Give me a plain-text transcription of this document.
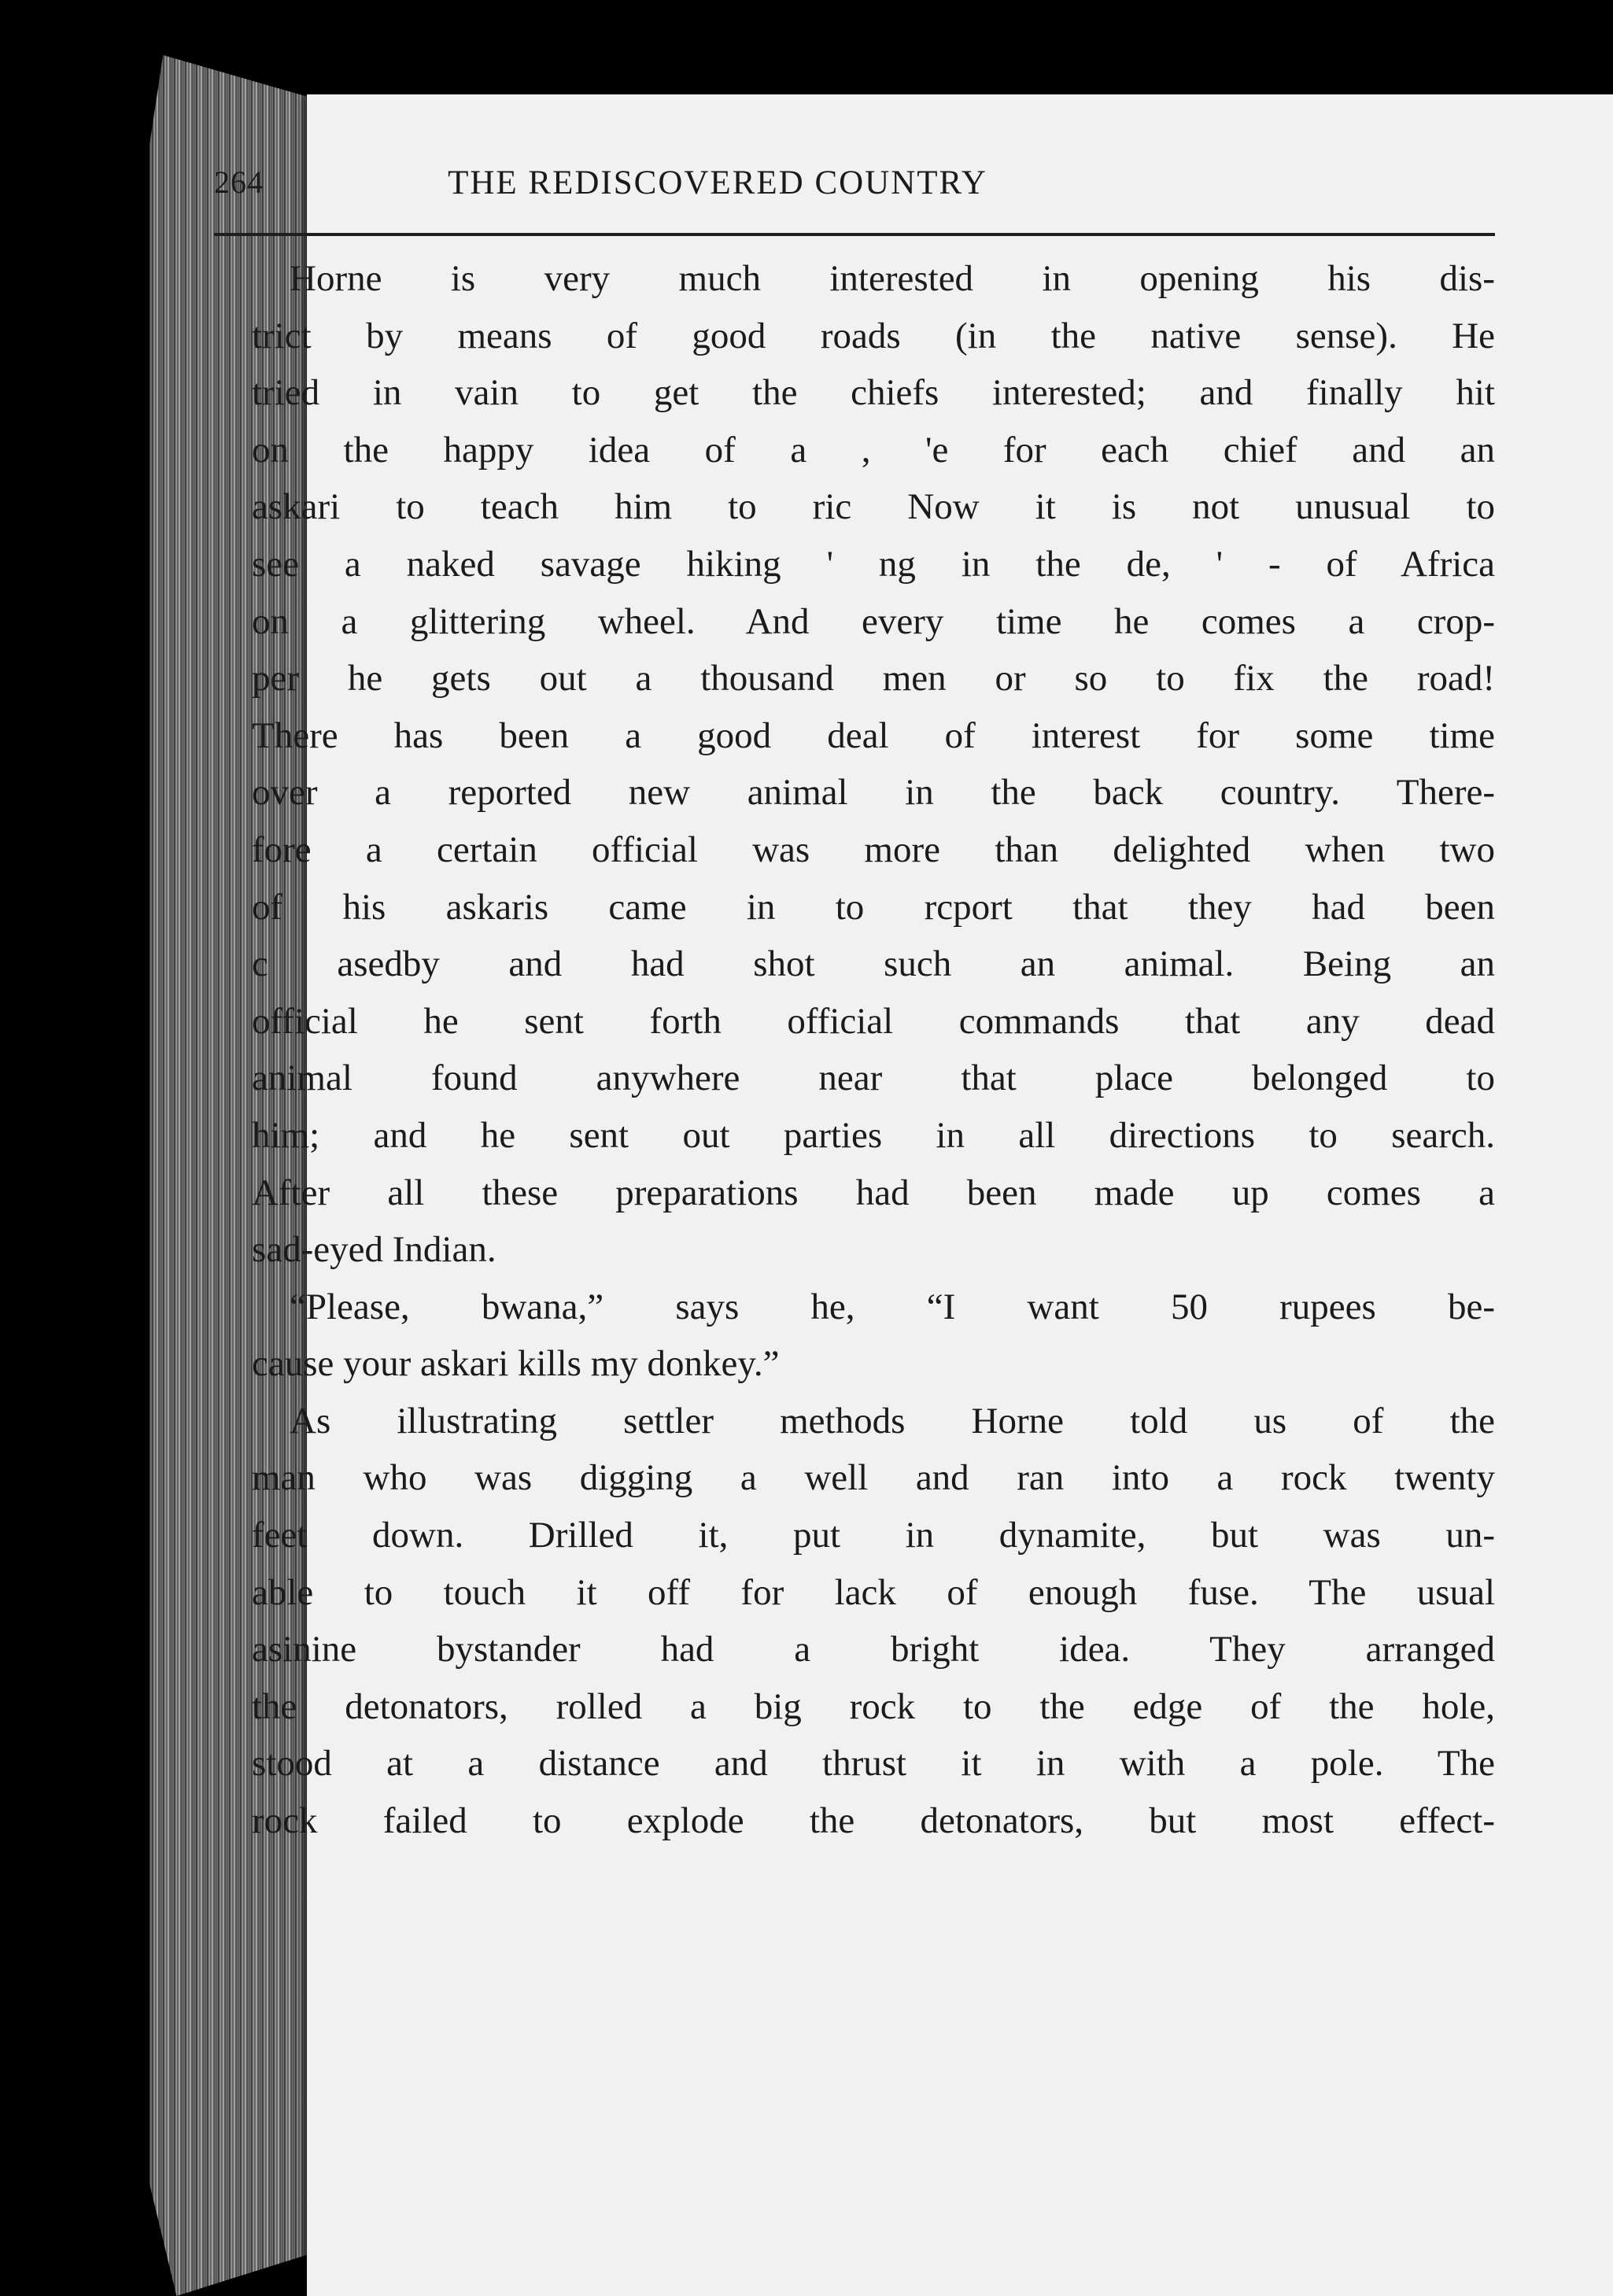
264	THE REDISCOVERED COUNTRY
Horne is very much interested in opening his dis-
trict by means of good roads (in the native sense). He
tried in vain to get the chiefs interested; and finally hit
on the happy idea of a , 'e for each chief and an
askari to teach him to ric Now it is not unusual to
see a naked savage hiking ' ng in the de, ' - of Africa
on a glittering wheel. And every time he comes a crop-
per he gets out a thousand men or so to fix the road!
There has been a good deal of interest for some time
over a reported new animal in the back country. There-
fore a certain official was more than delighted when two
of his askaris came in to rcport that they had been
c asedby and had shot such an animal. Being an
official he sent forth official commands that any dead
animal found anywhere near that place belonged to
him; and he sent out parties in all directions to search.
After all these preparations had been made up comes a
sad-eyed Indian.
“Please, bwana,” says he, “I want 50 rupees be-
cause your askari kills my donkey.”
As illustrating settler methods Horne told us of the
man who was digging a well and ran into a rock twenty
feet down. Drilled it, put in dynamite, but was un-
able to touch it off for lack of enough fuse. The usual
asinine bystander had a bright idea. They arranged
the detonators, rolled a big rock to the edge of the hole,
stood at a distance and thrust it in with a pole. The
rock failed to explode the detonators, but most effect-
